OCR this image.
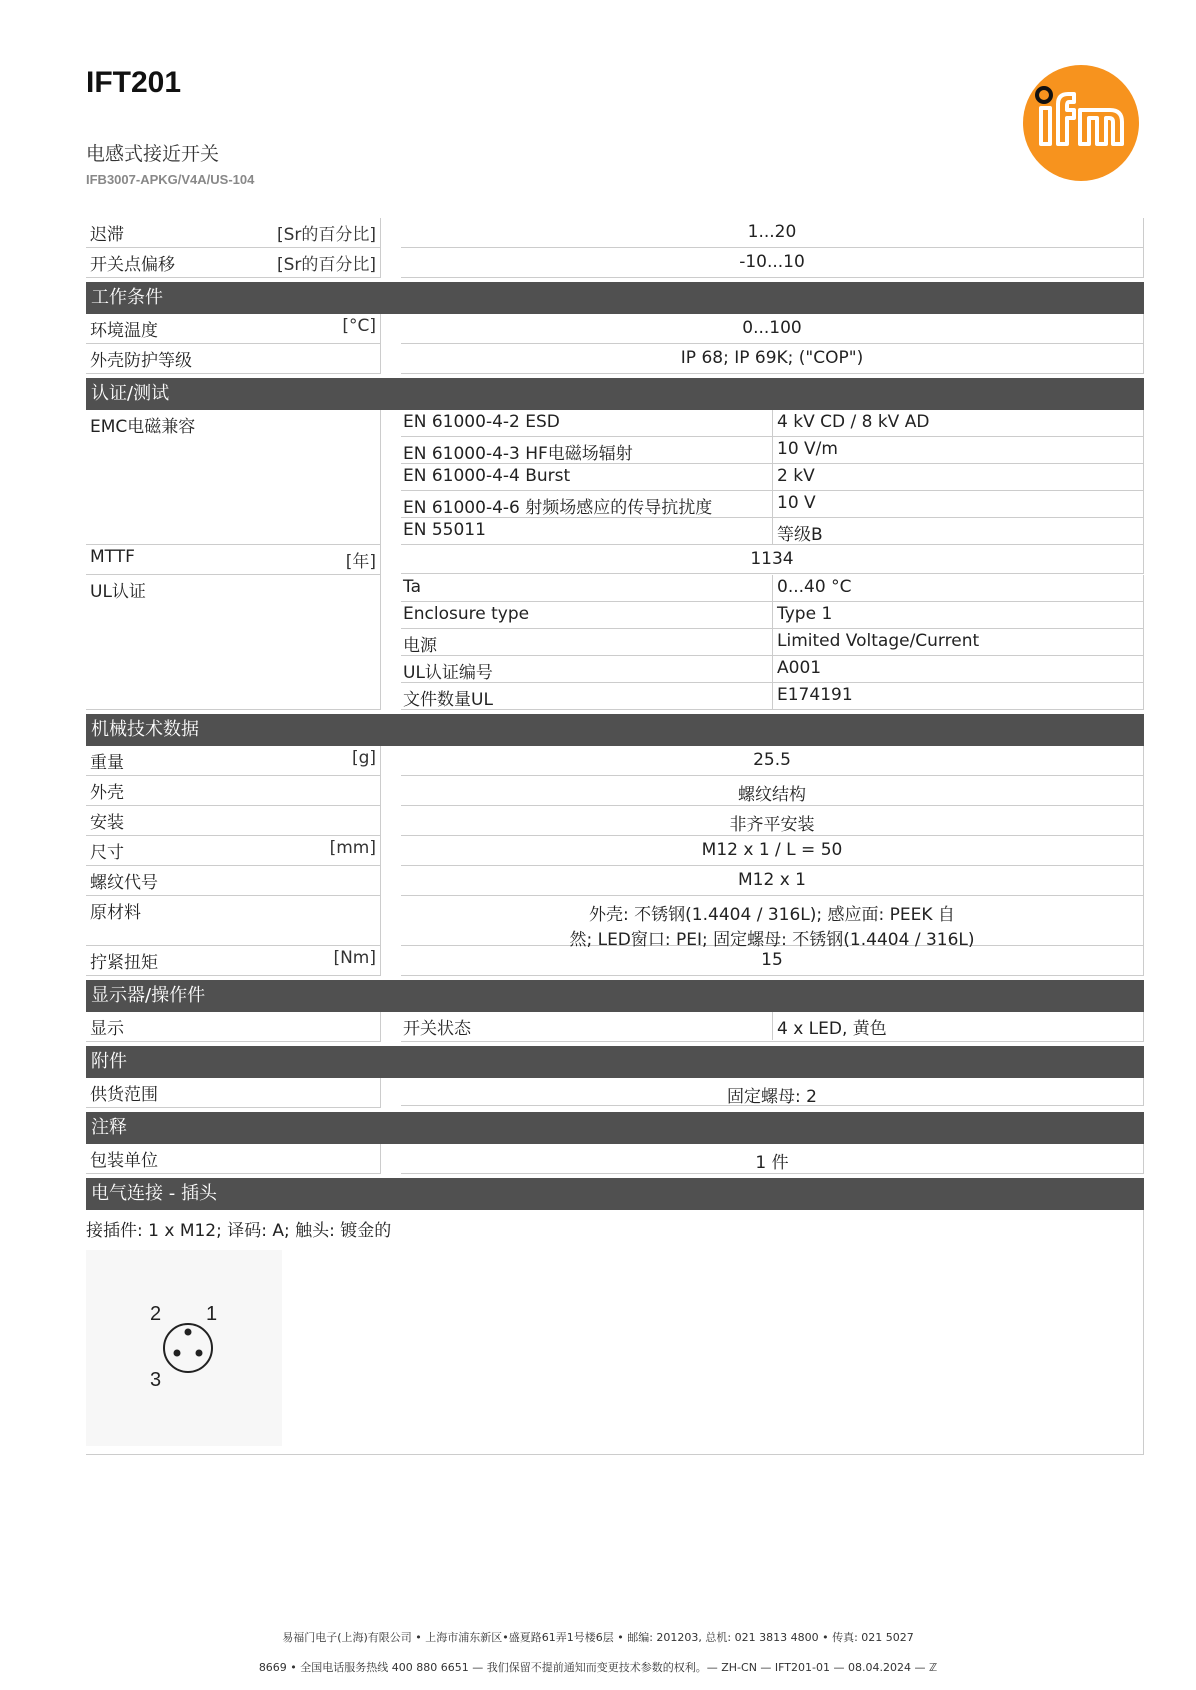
IFT201
电感式接近开关
IFB3007-APKG/V4A/US-104
迟滞	[Sr的百分比]	1...20
开关点偏移	[Sr的百分比]	-10...10
工作条件
环境温度	[°C]	0...100
外壳防护等级	IP 68; IP 69K; ("COP")
认证/测试
EMC电磁兼容	EN 61000-4-2 ESD	4 kV CD / 8 kV AD
EN 61000-4-3 HF电磁场辐射	10 V/m
EN 61000-4-4 Burst	2 kV
EN 61000-4-6 射频场感应的传导抗扰度	10 V
EN 55011	等级B
MTTF	[年]	1134
UL认证	Ta	0...40 °C
Enclosure type	Type 1
电源	Limited Voltage/Current
UL认证编号	A001
文件数量UL	E174191
机械技术数据
重量	[g]	25.5
外壳	螺纹结构
安装	非齐平安装
尺寸	[mm]	M12 x 1 / L = 50
螺纹代号	M12 x 1
原材料	外壳: 不锈钢(1.4404 / 316L); 感应面: PEEK 自
然; LED窗口: PEI; 固定螺母: 不锈钢(1.4404 / 316L)
拧紧扭矩	[Nm]	15
显示器/操作件
显示	开关状态	4 x LED, 黄色
附件
供货范围	固定螺母: 2
注释
包装单位	1 件
电气连接 - 插头
接插件: 1 x M12; 译码: A; 触头: 镀金的
2 1
3
易福门电子(上海)有限公司 • 上海市浦东新区•盛夏路61弄1号楼6层 • 邮编: 201203, 总机: 021 3813 4800 • 传真: 021 5027
8669 • 全国电话服务热线 400 880 6651 — 我们保留不提前通知而变更技术参数的权利。— ZH-CN — IFT201-01 — 08.04.2024 — ℤ
